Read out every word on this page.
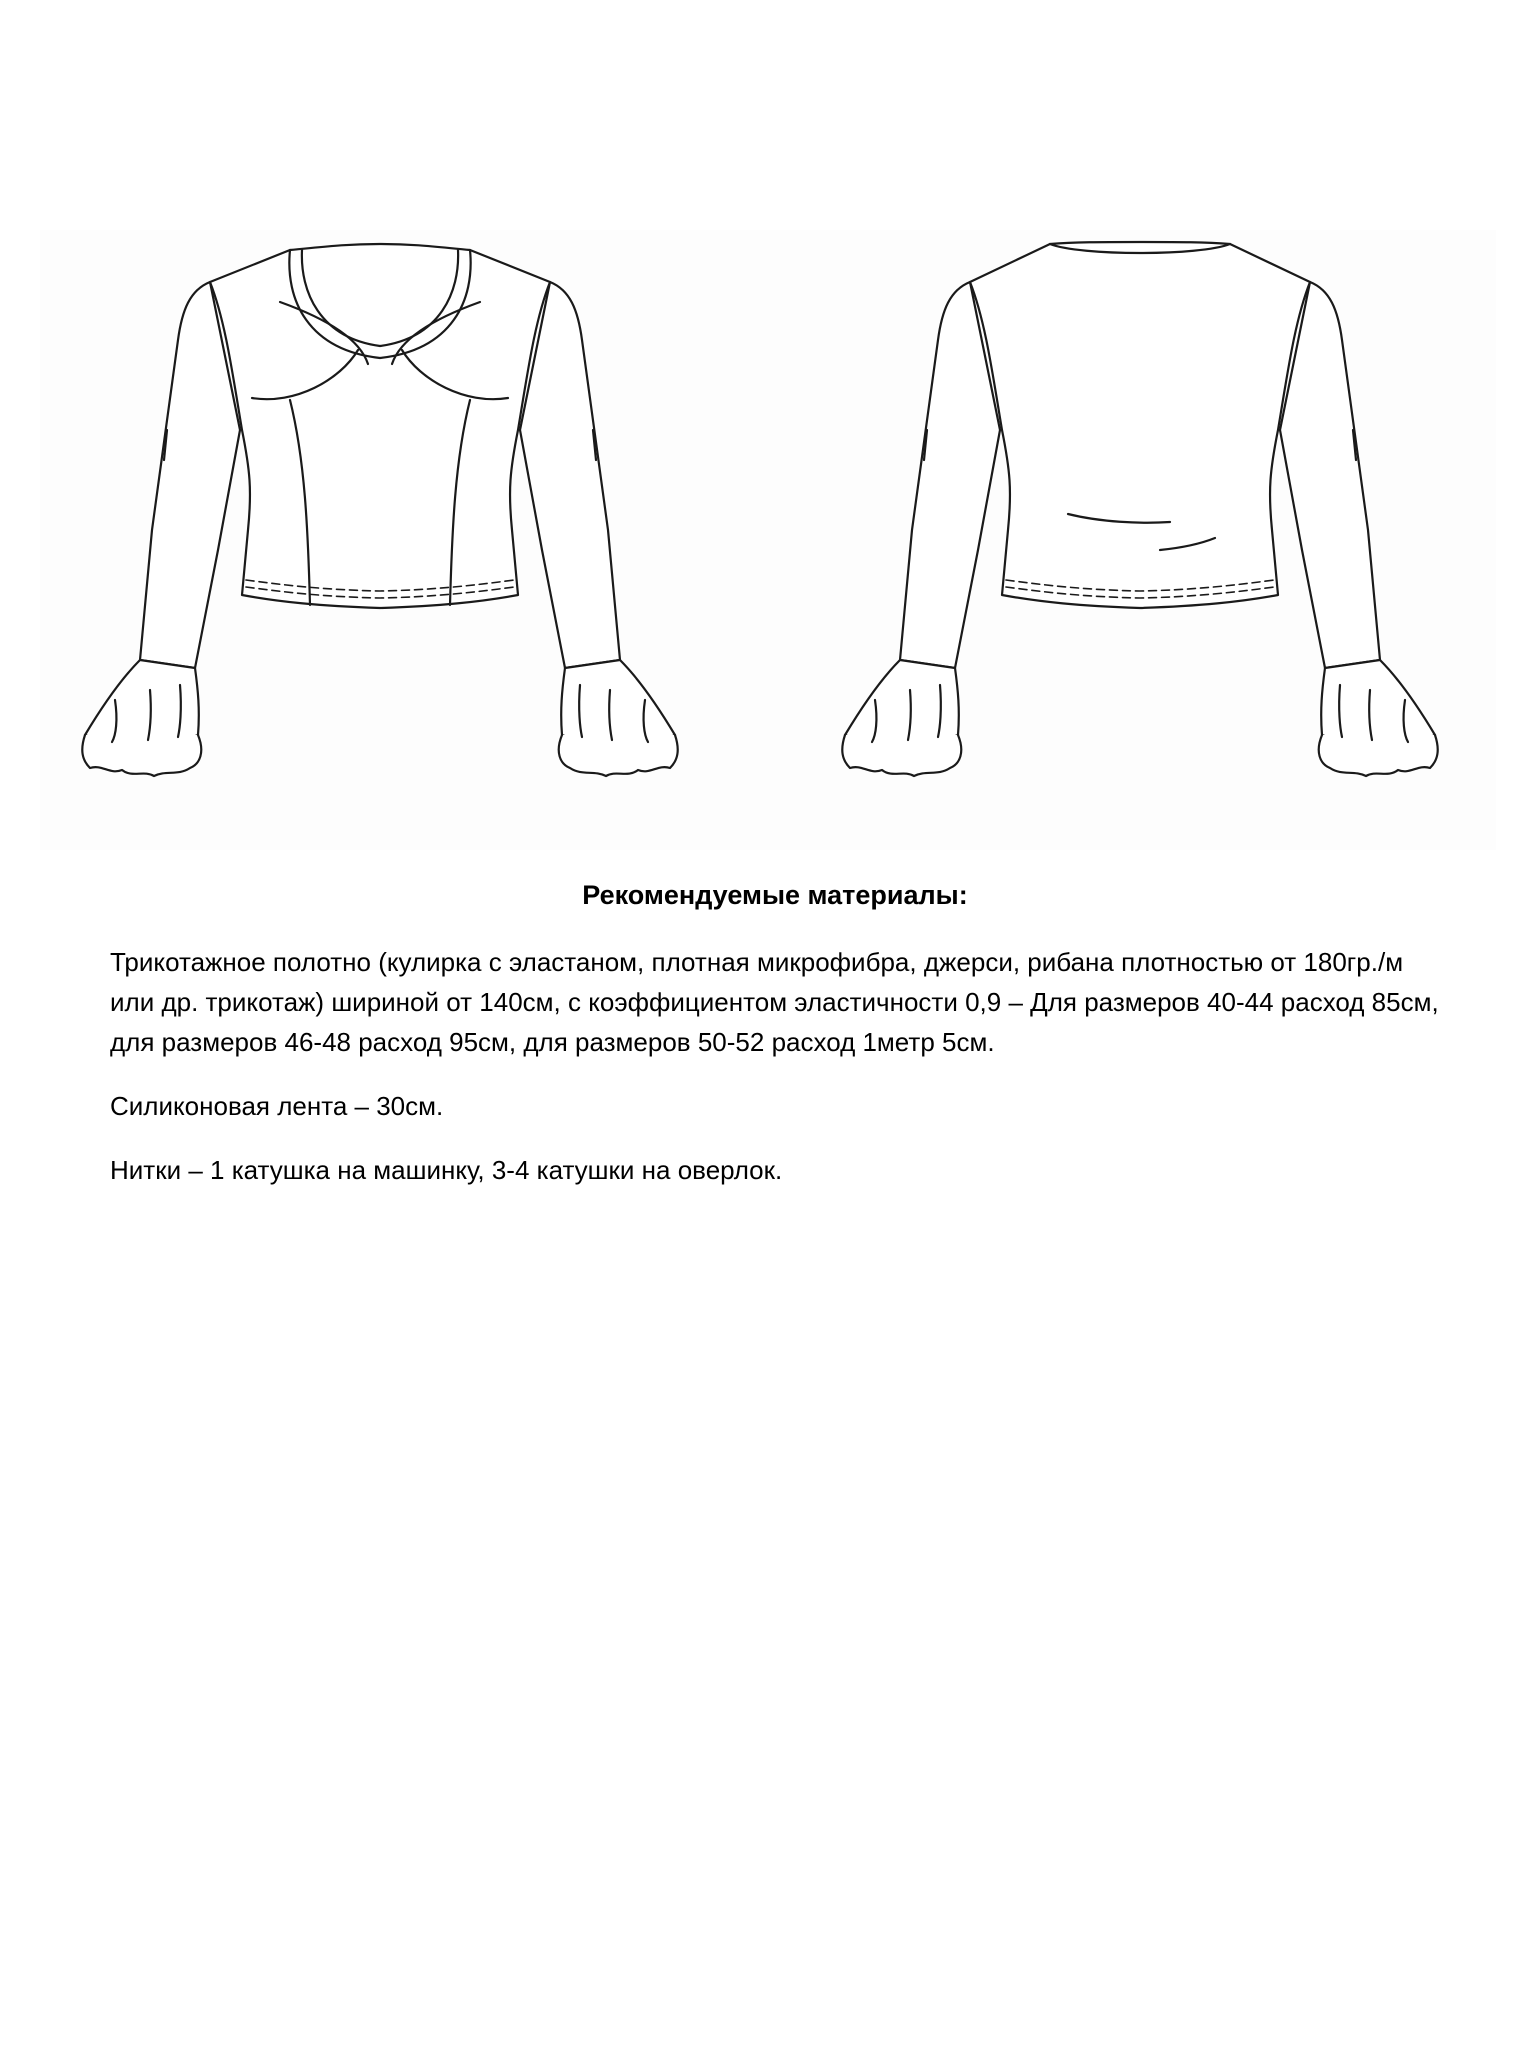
Рекомендуемые материалы:

Трикотажное полотно (кулирка с эластаном, плотная микрофибра, джерси, рибана плотностью от 180гр./м или др. трикотаж) шириной от 140см, с коэффициентом эластичности 0,9 – Для размеров 40-44 расход 85см, для размеров 46-48 расход 95см, для размеров 50-52 расход 1метр 5см.

Силиконовая лента – 30см.

Нитки – 1 катушка на машинку, 3-4 катушки на оверлок.
